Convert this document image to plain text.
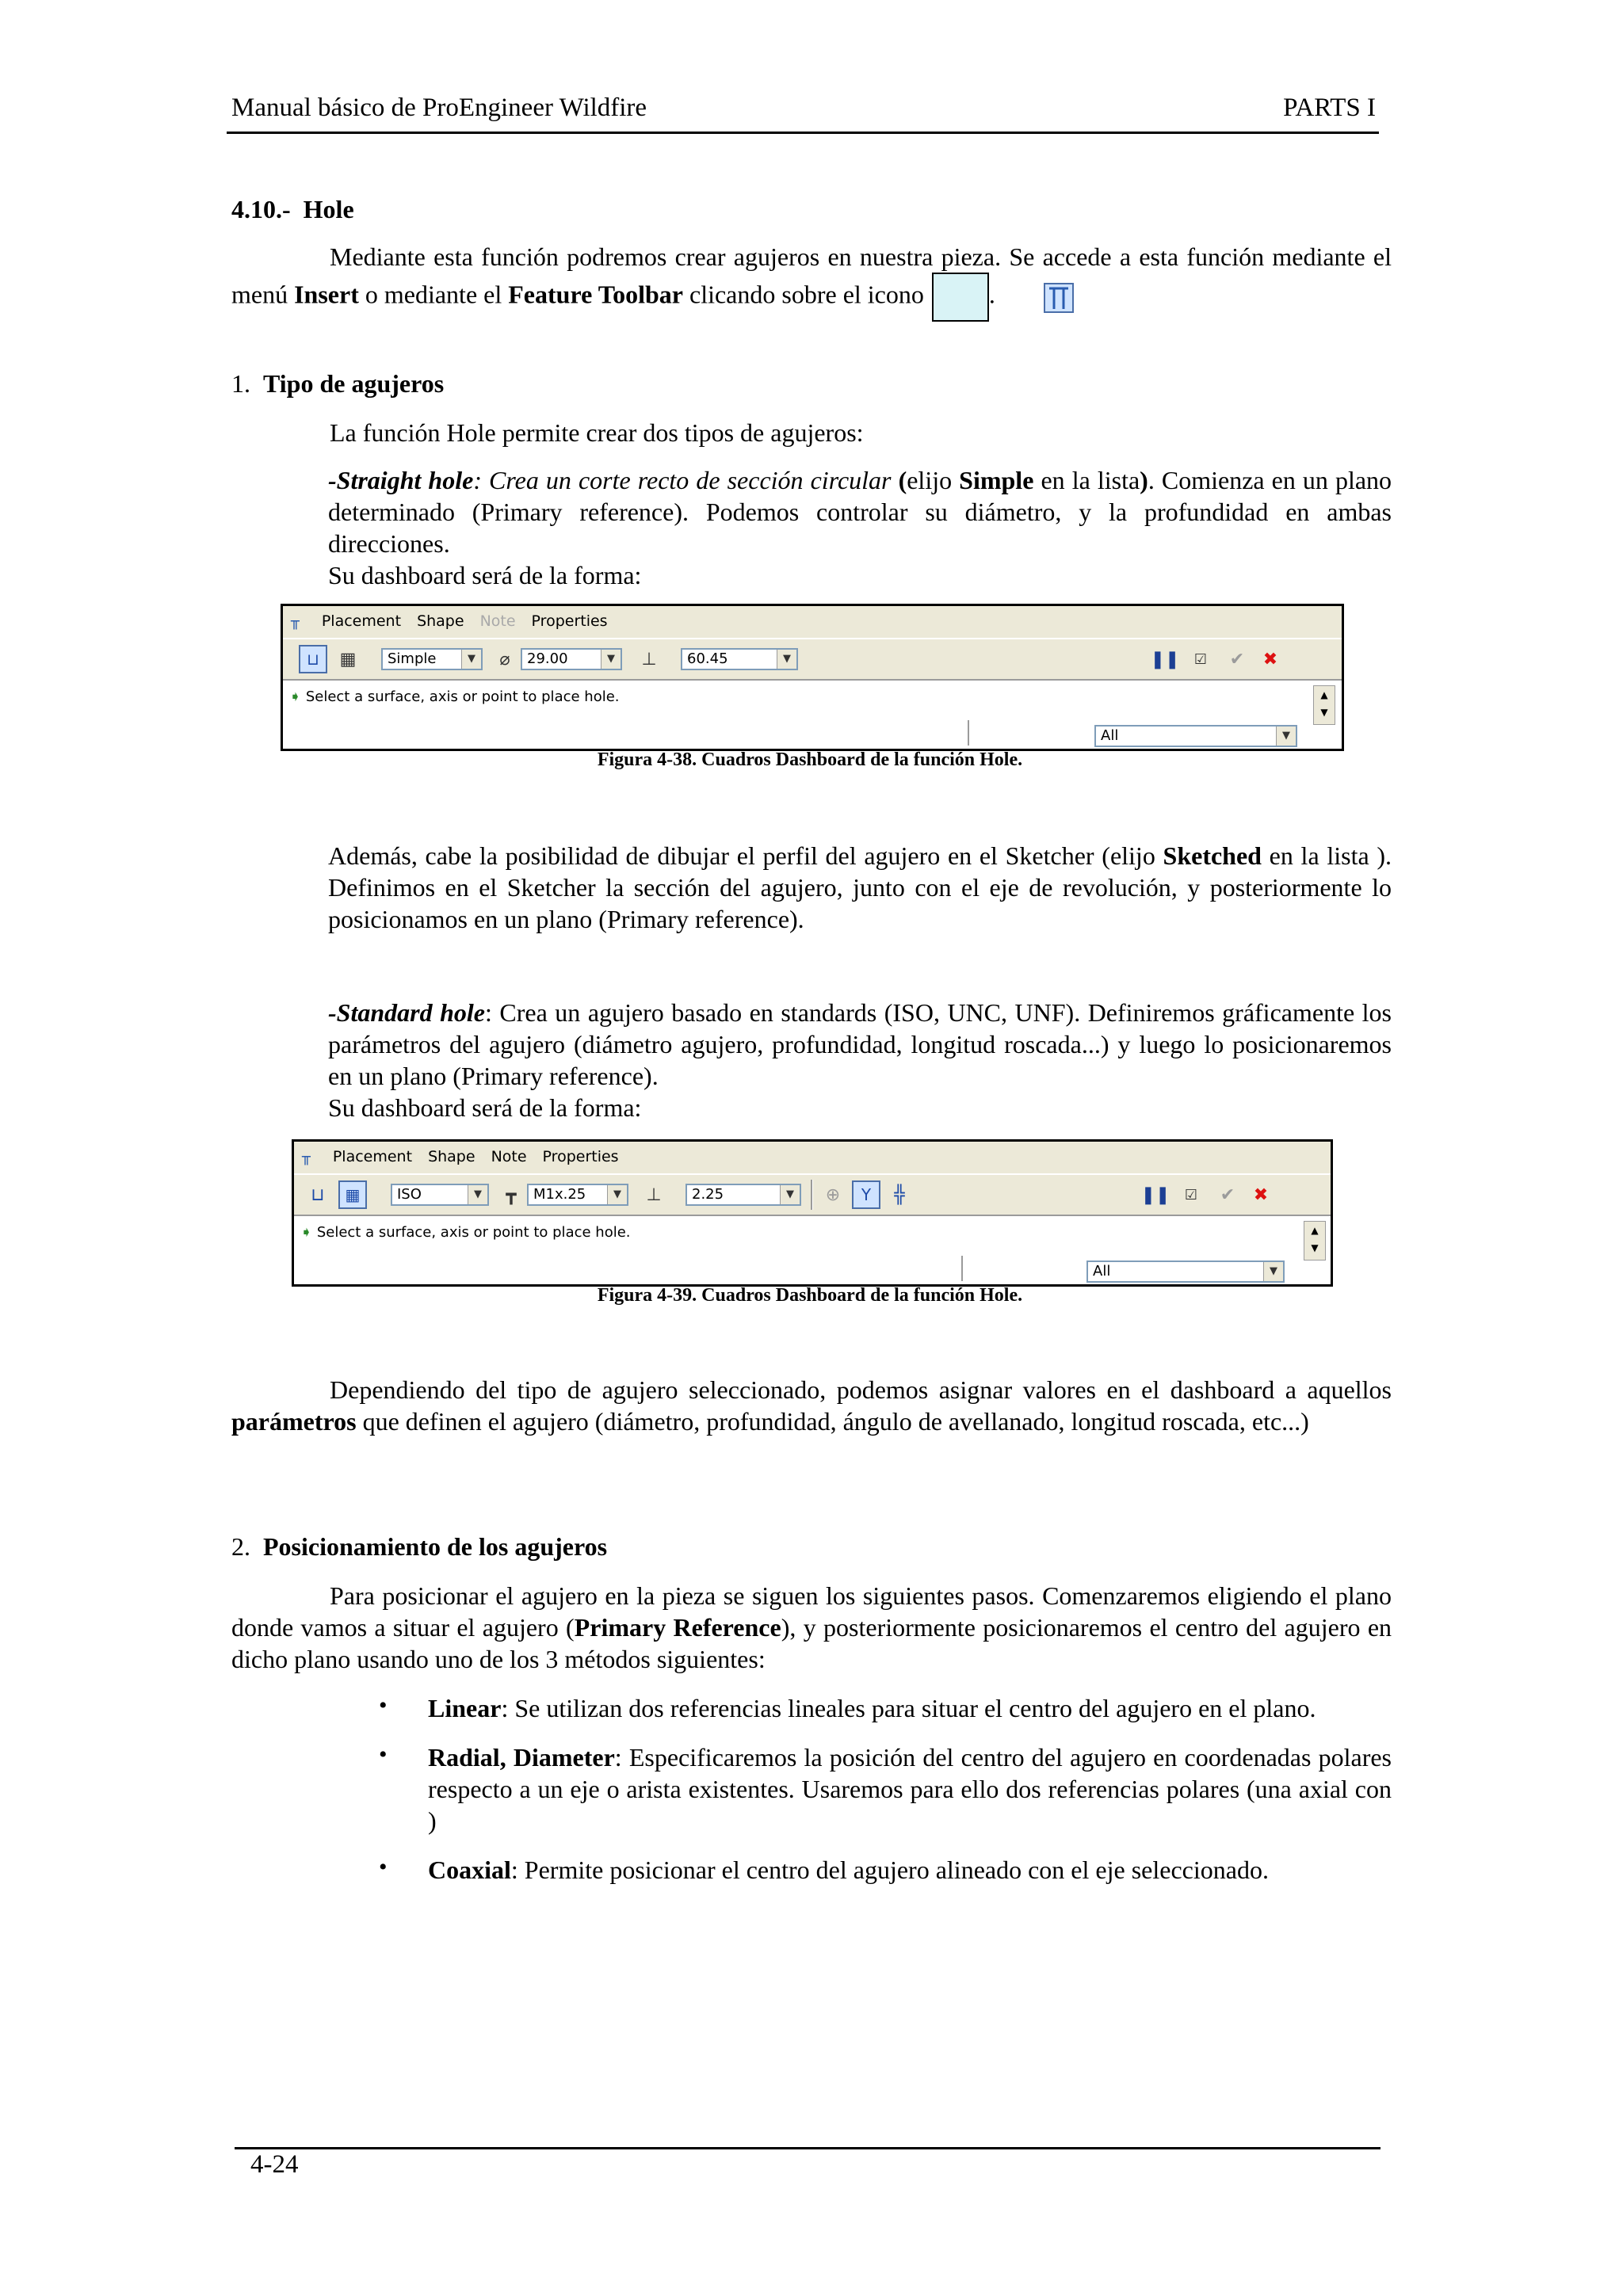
Manual básico de ProEngineer Wildfire	PARTS I
4.10.- Hole

Mediante esta función podremos crear agujeros en nuestra pieza. Se accede a esta función mediante el menú Insert o mediante el Feature Toolbar clicando sobre el icono	.

1. Tipo de agujeros

La función Hole permite crear dos tipos de agujeros:

-Straight hole: Crea un corte recto de sección circular (elijo Simple en la lista). Comienza en un plano determinado (Primary reference). Podemos controlar su diámetro, y la profundidad en ambas direcciones.

Su dashboard será de la forma:

╥ Placement Shape Note Properties
⊔	▦	Simple	▼	⌀	29.00	▼	⊥	60.45	▼	❚❚	☑	✔	✖
➧ Select a surface, axis or point to place hole.
All	▼
▲
▼
Figura 4-38. Cuadros Dashboard de la función Hole.

Además, cabe la posibilidad de dibujar el perfil del agujero en el Sketcher (elijo Sketched en la lista ). Definimos en el Sketcher la sección del agujero, junto con el eje de revolución, y posteriormente lo posicionamos en un plano (Primary reference).

-Standard hole: Crea un agujero basado en standards (ISO, UNC, UNF). Definiremos gráficamente los parámetros del agujero (diámetro agujero, profundidad, longitud roscada...) y luego lo posicionaremos en un plano (Primary reference).

Su dashboard será de la forma:

╥ Placement Shape Note Properties
⊔	▦	ISO	▼	┳	M1x.25	▼	⊥	2.25	▼	⊕	Y	╬	❚❚	☑	✔	✖
➧ Select a surface, axis or point to place hole.
All	▼
▲
▼
Figura 4-39. Cuadros Dashboard de la función Hole.

Dependiendo del tipo de agujero seleccionado, podemos asignar valores en el dashboard a aquellos parámetros que definen el agujero (diámetro, profundidad, ángulo de avellanado, longitud roscada, etc...)

2. Posicionamiento de los agujeros

Para posicionar el agujero en la pieza se siguen los siguientes pasos. Comenzaremos eligiendo el plano donde vamos a situar el agujero (Primary Reference), y posteriormente posicionaremos el centro del agujero en dicho plano usando uno de los 3 métodos siguientes:

• Linear: Se utilizan dos referencias lineales para situar el centro del agujero en el plano.

• Radial, Diameter: Especificaremos la posición del centro del agujero en coordenadas polares respecto a un eje o arista existentes. Usaremos para ello dos referencias polares (una axial con )

• Coaxial: Permite posicionar el centro del agujero alineado con el eje seleccionado.

4-24
